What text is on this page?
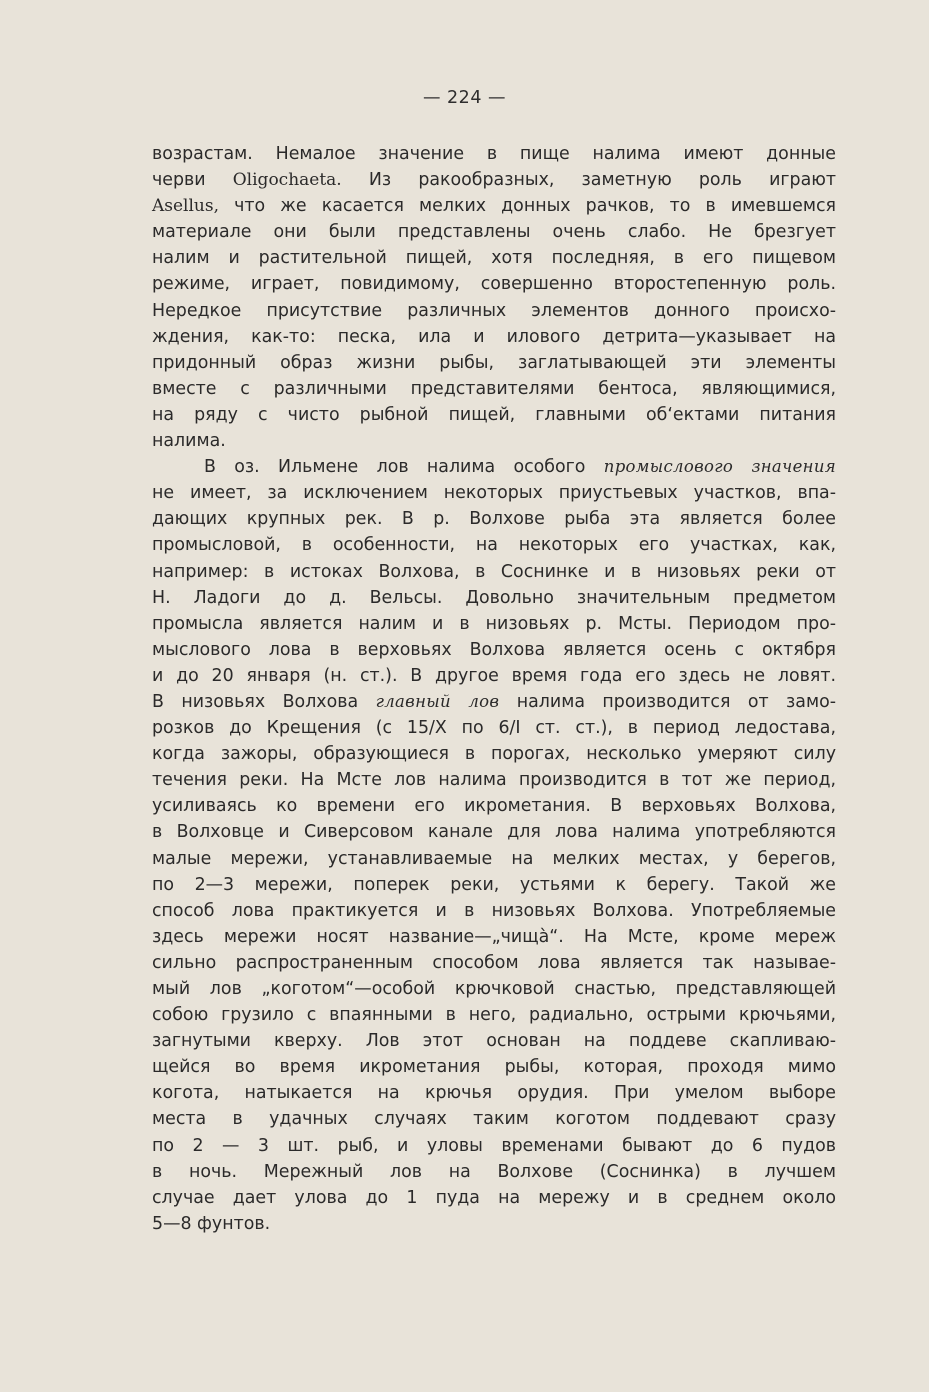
— 224 —
возрастам. Немалое значение в пище налима имеют донные
черви Oligochaeta. Из ракообразных, заметную роль играют
Asellus, что же касается мелких донных рачков, то в имевшемся
материале они были представлены очень слабо. Не брезгует
налим и растительной пищей, хотя последняя, в его пищевом
режиме, играет, повидимому, совершенно второстепенную роль.
Нередкое присутствие различных элементов донного происхо-
ждения, как-то: песка, ила и илового детрита—указывает на
придонный образ жизни рыбы, заглатывающей эти элементы
вместе с различными представителями бентоса, являющимися,
на ряду с чисто рыбной пищей, главными об‘ектами питания
налима.
В оз. Ильмене лов налима особого промыслового значения
не имеет, за исключением некоторых приустьевых участков, впа-
дающих крупных рек. В р. Волхове рыба эта является более
промысловой, в особенности, на некоторых его участках, как,
например: в истоках Волхова, в Соснинке и в низовьях реки от
Н. Ладоги до д. Вельсы. Довольно значительным предметом
промысла является налим и в низовьях р. Мсты. Периодом про-
мыслового лова в верховьях Волхова является осень с октября
и до 20 января (н. ст.). В другое время года его здесь не ловят.
В низовьях Волхова главный лов налима производится от замо-
розков до Крещения (с 15/Х по 6/I ст. ст.), в период ледостава,
когда зажоры, образующиеся в порогах, несколько умеряют силу
течения реки. На Мсте лов налима производится в тот же период,
усиливаясь ко времени его икрометания. В верховьях Волхова,
в Волховце и Сиверсовом канале для лова налима употребляются
малые мережи, устанавливаемые на мелких местах, у берегов,
по 2—3 мережи, поперек реки, устьями к берегу. Такой же
способ лова практикуется и в низовьях Волхова. Употребляемые
здесь мережи носят название—„чищà“. На Мсте, кроме мереж
сильно распространенным способом лова является так называе-
мый лов „коготом“—особой крючковой снастью, представляющей
собою грузило с впаянными в него, радиально, острыми крючьями,
загнутыми кверху. Лов этот основан на поддеве скапливаю-
щейся во время икрометания рыбы, которая, проходя мимо
когота, натыкается на крючья орудия. При умелом выборе
места в удачных случаях таким коготом поддевают сразу
по 2 — 3 шт. рыб, и уловы временами бывают до 6 пудов
в ночь. Мережный лов на Волхове (Соснинка) в лучшем
случае дает улова до 1 пуда на мережу и в среднем около
5—8 фунтов.
